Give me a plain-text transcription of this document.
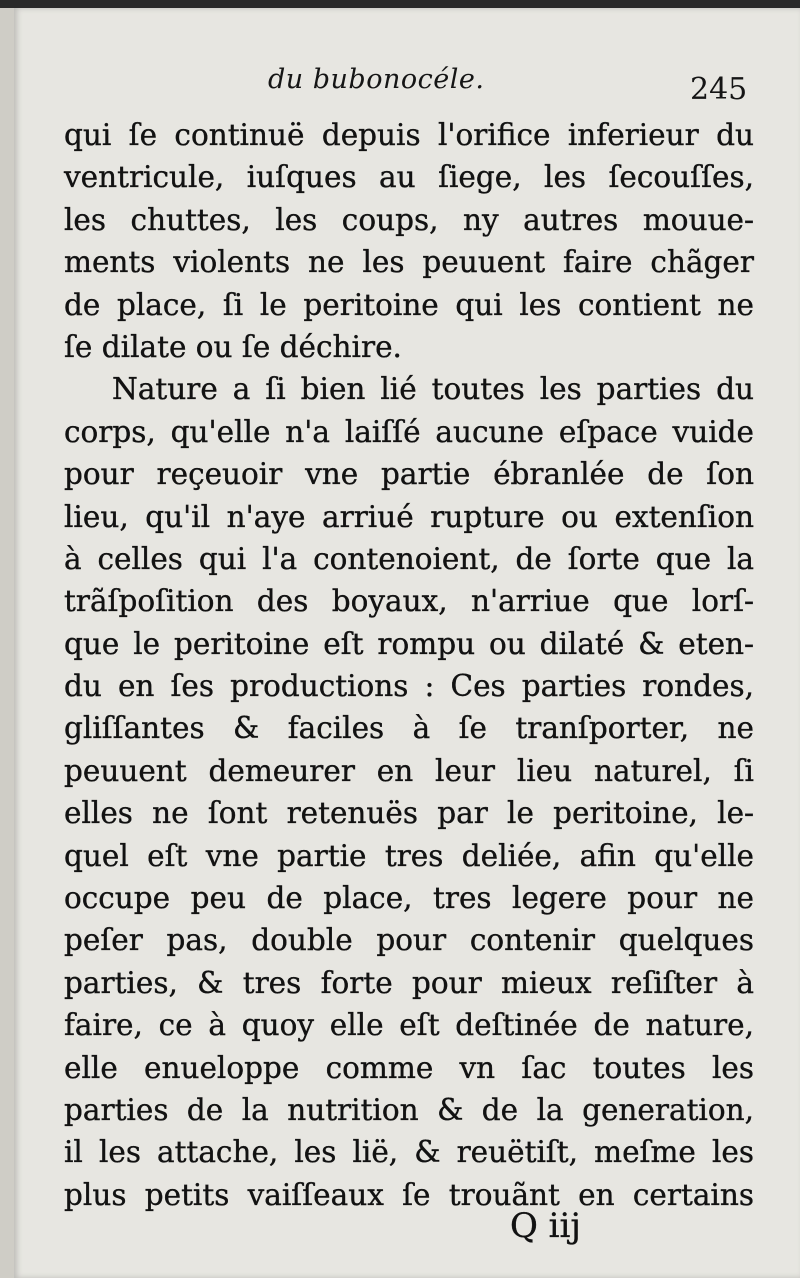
du bubonocéle.	245
qui ſe continuë depuis l'orifice inferieur du
ventricule, iuſques au ſiege, les ſecouſſes,
les chuttes, les coups, ny autres mouue-
ments violents ne les peuuent faire chãger
de place, ſi le peritoine qui les contient ne
ſe dilate ou ſe déchire.
Nature a ſi bien lié toutes les parties du
corps, qu'elle n'a laiſſé aucune eſpace vuide
pour reçeuoir vne partie ébranlée de ſon
lieu, qu'il n'aye arriué rupture ou extenſion
à celles qui l'a contenoient, de ſorte que la
trãſpoſition des boyaux, n'arriue que lorſ-
que le peritoine eſt rompu ou dilaté & eten-
du en ſes productions : Ces parties rondes,
gliſſantes & faciles à ſe tranſporter, ne
peuuent demeurer en leur lieu naturel, ſi
elles ne ſont retenuës par le peritoine, le-
quel eſt vne partie tres deliée, afin qu'elle
occupe peu de place, tres legere pour ne
peſer pas, double pour contenir quelques
parties, & tres forte pour mieux reſiſter à
faire, ce à quoy elle eſt deſtinée de nature,
elle enueloppe comme vn ſac toutes les
parties de la nutrition & de la generation,
il les attache, les lië, & reuëtiſt, meſme les
plus petits vaiſſeaux ſe trouãnt en certains
Q iij
